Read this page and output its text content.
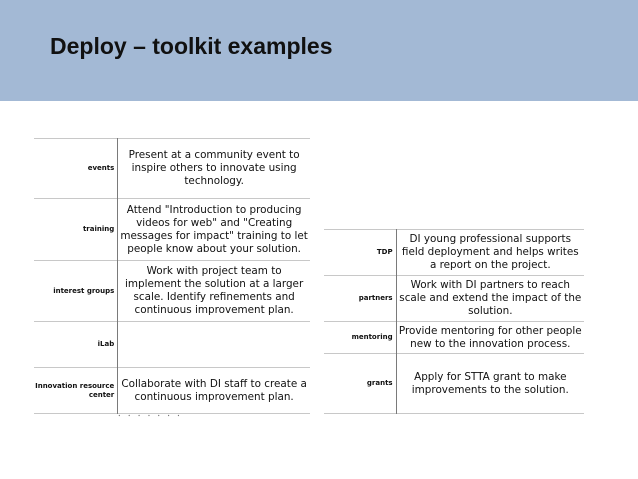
Deploy – toolkit examples
events	Present at a community event to inspire others to innovate using technology.
training	Attend "Introduction to producing videos for web" and "Creating messages for impact" training to let people know about your solution.
interest groups	Work with project team to implement the solution at a larger scale. Identify refinements and continuous improvement plan.
iLab	
Innovation resource center	Collaborate with DI staff to create a continuous improvement plan.
TDP	DI young professional supports field deployment and helps writes a report on the project.
partners	Work with DI partners to reach scale and extend the impact of the solution.
mentoring	Provide mentoring for other people new to the innovation process.
grants	Apply for STTA grant to make improvements to the solution.
⸱ ⸱ ⸱ ⸱ ⸱ ⸱ ⸱
